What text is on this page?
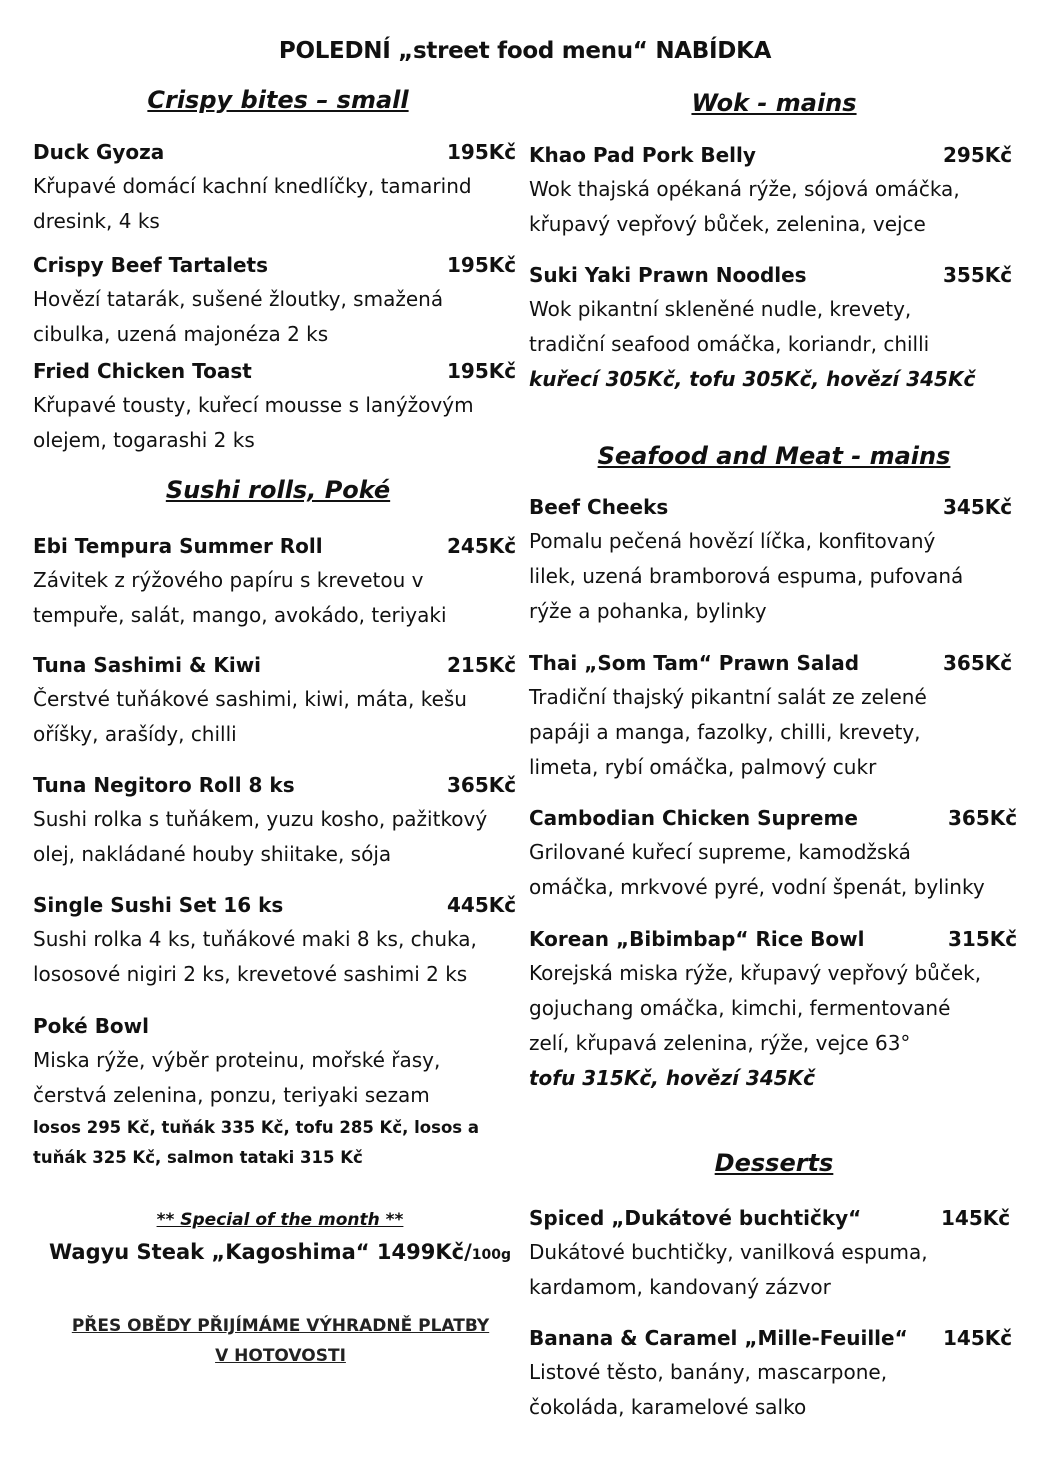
POLEDNÍ „street food menu“ NABÍDKA
Crispy bites – small
Duck Gyoza	195Kč
Křupavé domácí kachní knedlíčky, tamarind
dresink, 4 ks
Crispy Beef Tartalets	195Kč
Hovězí tatarák, sušené žloutky, smažená
cibulka, uzená majonéza 2 ks
Fried Chicken Toast	195Kč
Křupavé tousty, kuřecí mousse s lanýžovým
olejem, togarashi 2 ks
Sushi rolls, Poké
Ebi Tempura Summer Roll	245Kč
Závitek z rýžového papíru s krevetou v
tempuře, salát, mango, avokádo, teriyaki
Tuna Sashimi & Kiwi	215Kč
Čerstvé tuňákové sashimi, kiwi, máta, kešu
oříšky, arašídy, chilli
Tuna Negitoro Roll 8 ks	365Kč
Sushi rolka s tuňákem, yuzu kosho, pažitkový
olej, nakládané houby shiitake, sója
Single Sushi Set 16 ks	445Kč
Sushi rolka 4 ks, tuňákové maki 8 ks, chuka,
lososové nigiri 2 ks, krevetové sashimi 2 ks
Poké Bowl
Miska rýže, výběr proteinu, mořské řasy,
čerstvá zelenina, ponzu, teriyaki sezam
losos 295 Kč, tuňák 335 Kč, tofu 285 Kč, losos a
tuňák 325 Kč, salmon tataki 315 Kč
** Special of the month **
Wagyu Steak „Kagoshima“ 1499Kč/100g
PŘES OBĚDY PŘIJÍMÁME VÝHRADNĚ PLATBY
V HOTOVOSTI
Wok - mains
Khao Pad Pork Belly	295Kč
Wok thajská opékaná rýže, sójová omáčka,
křupavý vepřový bůček, zelenina, vejce
Suki Yaki Prawn Noodles	355Kč
Wok pikantní skleněné nudle, krevety,
tradiční seafood omáčka, koriandr, chilli
kuřecí 305Kč, tofu 305Kč, hovězí 345Kč
Seafood and Meat - mains
Beef Cheeks	345Kč
Pomalu pečená hovězí líčka, konfitovaný
lilek, uzená bramborová espuma, pufovaná
rýže a pohanka, bylinky
Thai „Som Tam“ Prawn Salad	365Kč
Tradiční thajský pikantní salát ze zelené
papáji a manga, fazolky, chilli, krevety,
limeta, rybí omáčka, palmový cukr
Cambodian Chicken Supreme	365Kč
Grilované kuřecí supreme, kamodžská
omáčka, mrkvové pyré, vodní špenát, bylinky
Korean „Bibimbap“ Rice Bowl	315Kč
Korejská miska rýže, křupavý vepřový bůček,
gojuchang omáčka, kimchi, fermentované
zelí, křupavá zelenina, rýže, vejce 63°
tofu 315Kč, hovězí 345Kč
Desserts
Spiced „Dukátové buchtičky“	145Kč
Dukátové buchtičky, vanilková espuma,
kardamom, kandovaný zázvor
Banana & Caramel „Mille-Feuille“ 145Kč
Listové těsto, banány, mascarpone,
čokoláda, karamelové salko
